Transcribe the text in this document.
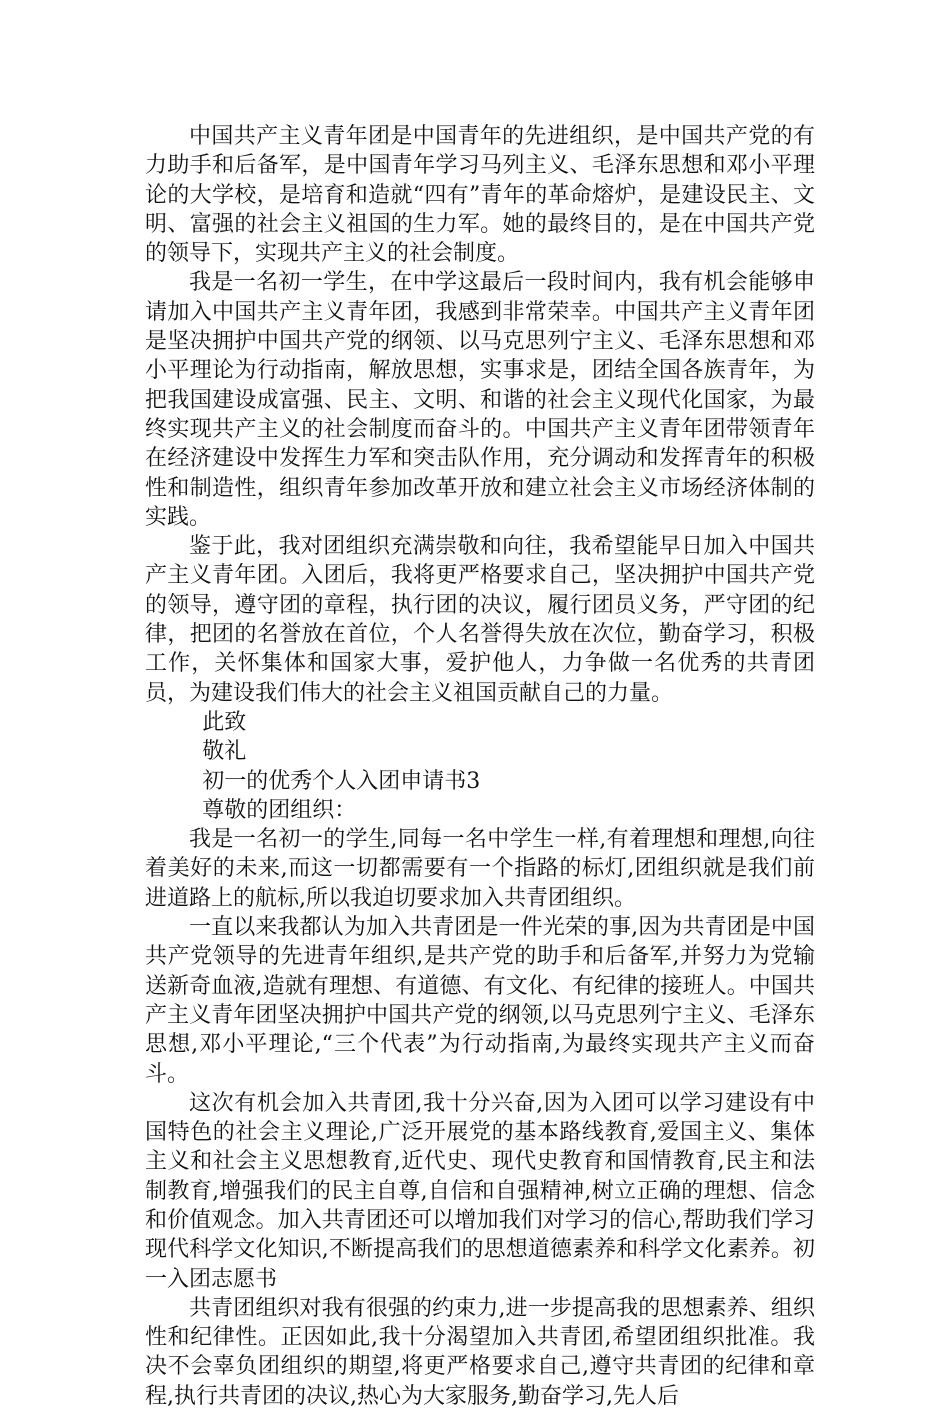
中国共产主义青年团是中国青年的先进组织，是中国共产党的有力助手和后备军，是中国青年学习马列主义、毛泽东思想和邓小平理论的大学校，是培育和造就“四有”青年的革命熔炉，是建设民主、文明、富强的社会主义祖国的生力军。她的最终目的，是在中国共产党的领导下，实现共产主义的社会制度。

我是一名初一学生，在中学这最后一段时间内，我有机会能够申请加入中国共产主义青年团，我感到非常荣幸。中国共产主义青年团是坚决拥护中国共产党的纲领、以马克思列宁主义、毛泽东思想和邓小平理论为行动指南，解放思想，实事求是，团结全国各族青年，为把我国建设成富强、民主、文明、和谐的社会主义现代化国家，为最终实现共产主义的社会制度而奋斗的。中国共产主义青年团带领青年在经济建设中发挥生力军和突击队作用，充分调动和发挥青年的积极性和制造性，组织青年参加改革开放和建立社会主义市场经济体制的实践。

鉴于此，我对团组织充满崇敬和向往，我希望能早日加入中国共产主义青年团。入团后，我将更严格要求自己，坚决拥护中国共产党的领导，遵守团的章程，执行团的决议，履行团员义务，严守团的纪律，把团的名誉放在首位，个人名誉得失放在次位，勤奋学习，积极工作，关怀集体和国家大事，爱护他人，力争做一名优秀的共青团员，为建设我们伟大的社会主义祖国贡献自己的力量。

此致

敬礼

初一的优秀个人入团申请书3

尊敬的团组织：

我是一名初一的学生,同每一名中学生一样,有着理想和理想,向往着美好的未来,而这一切都需要有一个指路的标灯,团组织就是我们前进道路上的航标,所以我迫切要求加入共青团组织。

一直以来我都认为加入共青团是一件光荣的事,因为共青团是中国共产党领导的先进青年组织,是共产党的助手和后备军,并努力为党输送新奇血液,造就有理想、有道德、有文化、有纪律的接班人。中国共产主义青年团坚决拥护中国共产党的纲领,以马克思列宁主义、毛泽东思想,邓小平理论,“三个代表”为行动指南,为最终实现共产主义而奋斗。

这次有机会加入共青团,我十分兴奋,因为入团可以学习建设有中国特色的社会主义理论,广泛开展党的基本路线教育,爱国主义、集体主义和社会主义思想教育,近代史、现代史教育和国情教育,民主和法制教育,增强我们的民主自尊,自信和自强精神,树立正确的理想、信念和价值观念。加入共青团还可以增加我们对学习的信心,帮助我们学习现代科学文化知识,不断提高我们的思想道德素养和科学文化素养。初一入团志愿书

共青团组织对我有很强的约束力,进一步提高我的思想素养、组织性和纪律性。正因如此,我十分渴望加入共青团,希望团组织批准。我决不会辜负团组织的期望,将更严格要求自己,遵守共青团的纪律和章程,执行共青团的决议,热心为大家服务,勤奋学习,先人后
